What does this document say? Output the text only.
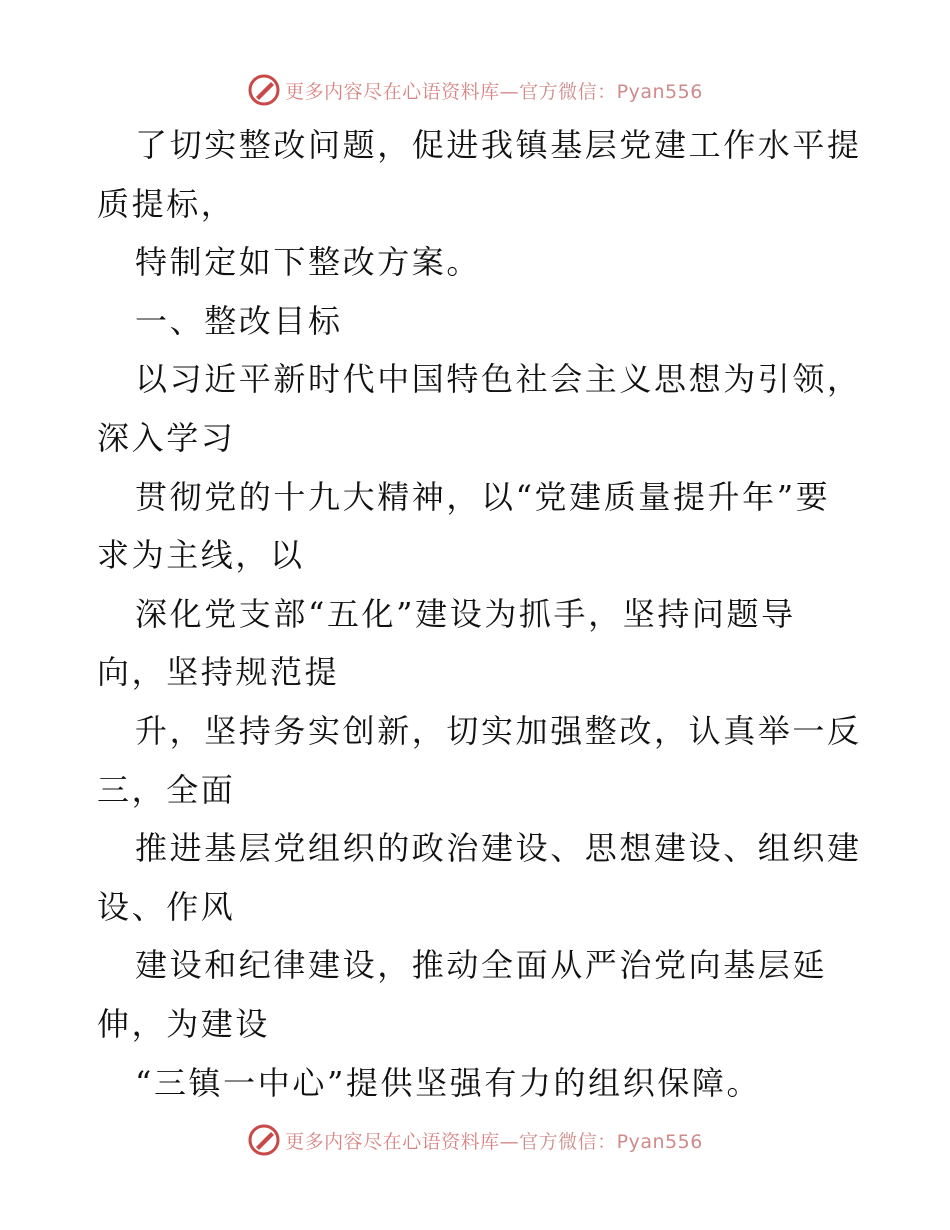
更多内容尽在心语资料库 —官方微信：Pyan556
了切实整改问题，促进我镇基层党建工作水平提
质提标，
特制定如下整改方案。
一、整改目标
以习近平新时代中国特色社会主义思想为引领，
深入学习
贯彻党的十九大精神，以“党建质量提升年”要
求为主线，以
深化党支部“五化”建设为抓手，坚持问题导
向，坚持规范提
升，坚持务实创新，切实加强整改，认真举一反
三，全面
推进基层党组织的政治建设、思想建设、组织建
设、作风
建设和纪律建设，推动全面从严治党向基层延
伸，为建设
“三镇一中心”提供坚强有力的组织保障。
更多内容尽在心语资料库 —官方微信：Pyan556
